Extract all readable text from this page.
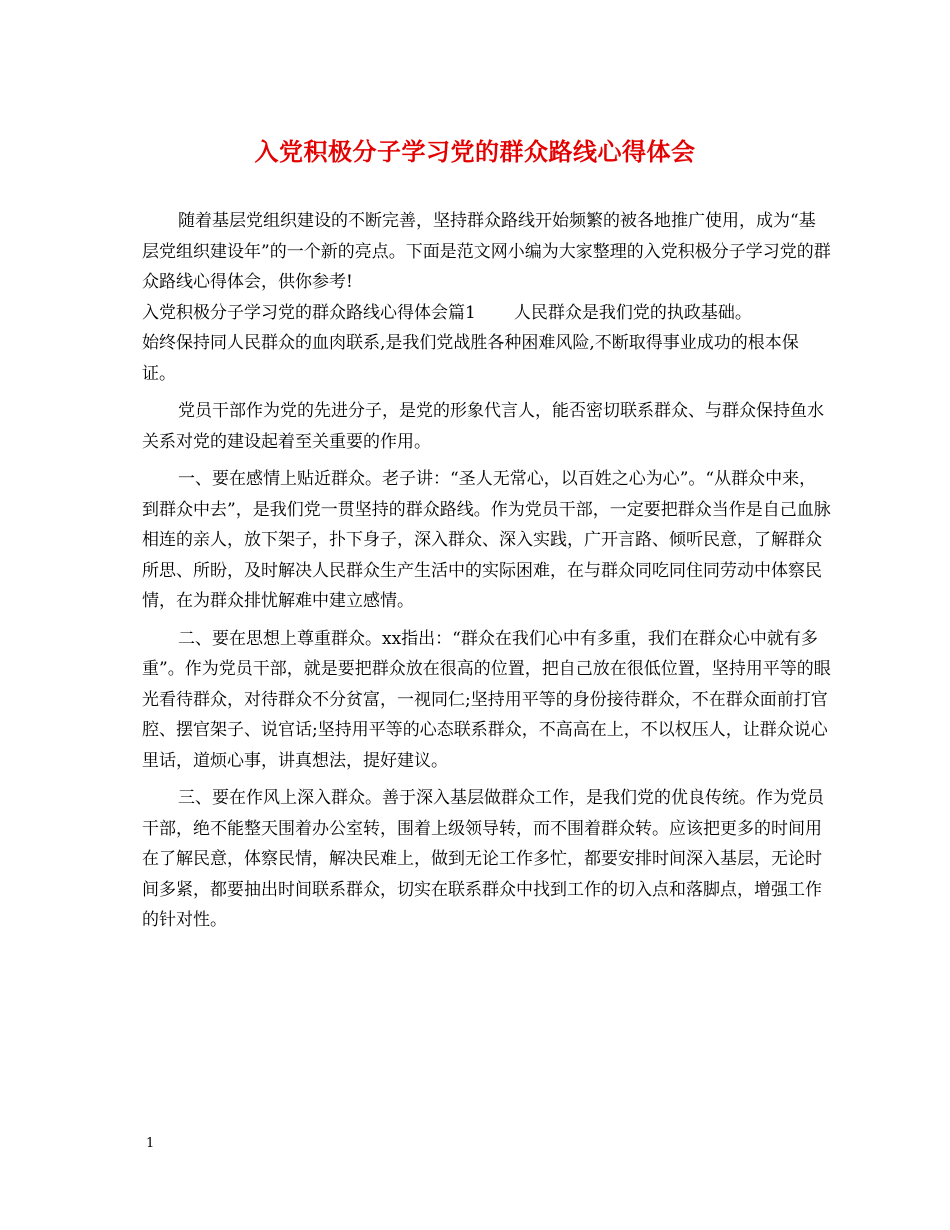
入党积极分子学习党的群众路线心得体会

随着基层党组织建设的不断完善，坚持群众路线开始频繁的被各地推广使用，成为“基层党组织建设年”的一个新的亮点。下面是范文网小编为大家整理的入党积极分子学习党的群众路线心得体会，供你参考!

入党积极分子学习党的群众路线心得体会篇1 人民群众是我们党的执政基础。

始终保持同人民群众的血肉联系,是我们党战胜各种困难风险,不断取得事业成功的根本保证。

党员干部作为党的先进分子，是党的形象代言人，能否密切联系群众、与群众保持鱼水关系对党的建设起着至关重要的作用。

一、要在感情上贴近群众。老子讲：“圣人无常心，以百姓之心为心”。“从群众中来，到群众中去”，是我们党一贯坚持的群众路线。作为党员干部，一定要把群众当作是自己血脉相连的亲人，放下架子，扑下身子，深入群众、深入实践，广开言路、倾听民意，了解群众所思、所盼，及时解决人民群众生产生活中的实际困难，在与群众同吃同住同劳动中体察民情，在为群众排忧解难中建立感情。

二、要在思想上尊重群众。xx指出：“群众在我们心中有多重，我们在群众心中就有多重”。作为党员干部，就是要把群众放在很高的位置，把自己放在很低位置，坚持用平等的眼光看待群众，对待群众不分贫富，一视同仁;坚持用平等的身份接待群众，不在群众面前打官腔、摆官架子、说官话;坚持用平等的心态联系群众，不高高在上，不以权压人，让群众说心里话，道烦心事，讲真想法，提好建议。

三、要在作风上深入群众。善于深入基层做群众工作，是我们党的优良传统。作为党员干部，绝不能整天围着办公室转，围着上级领导转，而不围着群众转。应该把更多的时间用在了解民意，体察民情，解决民难上，做到无论工作多忙，都要安排时间深入基层，无论时间多紧，都要抽出时间联系群众，切实在联系群众中找到工作的切入点和落脚点，增强工作的针对性。

1
